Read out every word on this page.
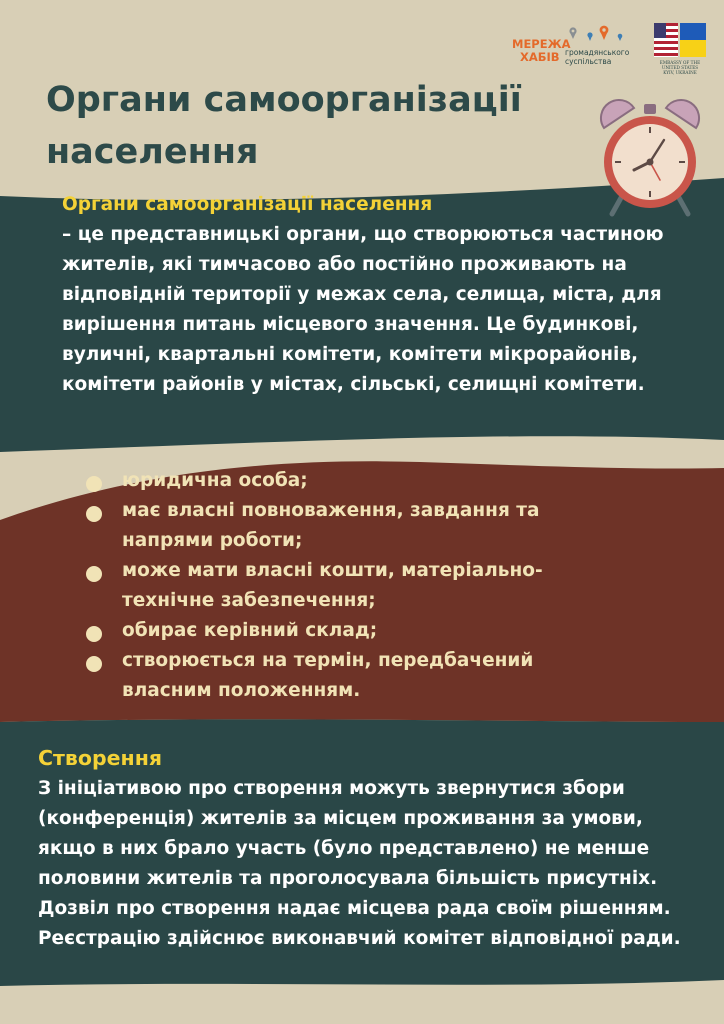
МЕРЕЖА
ХАБІВ громадянського
суспільства	EMBASSY OF THE UNITED STATES
KYIV, UKRAINE
Органи самоорганізації населення
Органи самоорганізації населення
– це представницькі органи, що створюються частиною жителів, які тимчасово або постійно проживають на відповідній території у межах села, селища, міста, для вирішення питань місцевого значення. Це будинкові, вуличні, квартальні комітети, комітети мікрорайонів, комітети районів у містах, сільські, селищні комітети.
юридична особа;
має власні повноваження, завдання та напрями роботи;
може мати власні кошти, матеріально-технічне забезпечення;
обирає керівний склад;
створюється на термін, передбачений власним положенням.
Створення
З ініціативою про створення можуть звернутися збори (конференція) жителів за місцем проживання за умови, якщо в них брало участь (було представлено) не менше половини жителів та проголосувала більшість присутніх. Дозвіл про створення надає місцева рада своїм рішенням. Реєстрацію здійснює виконавчий комітет відповідної ради.
